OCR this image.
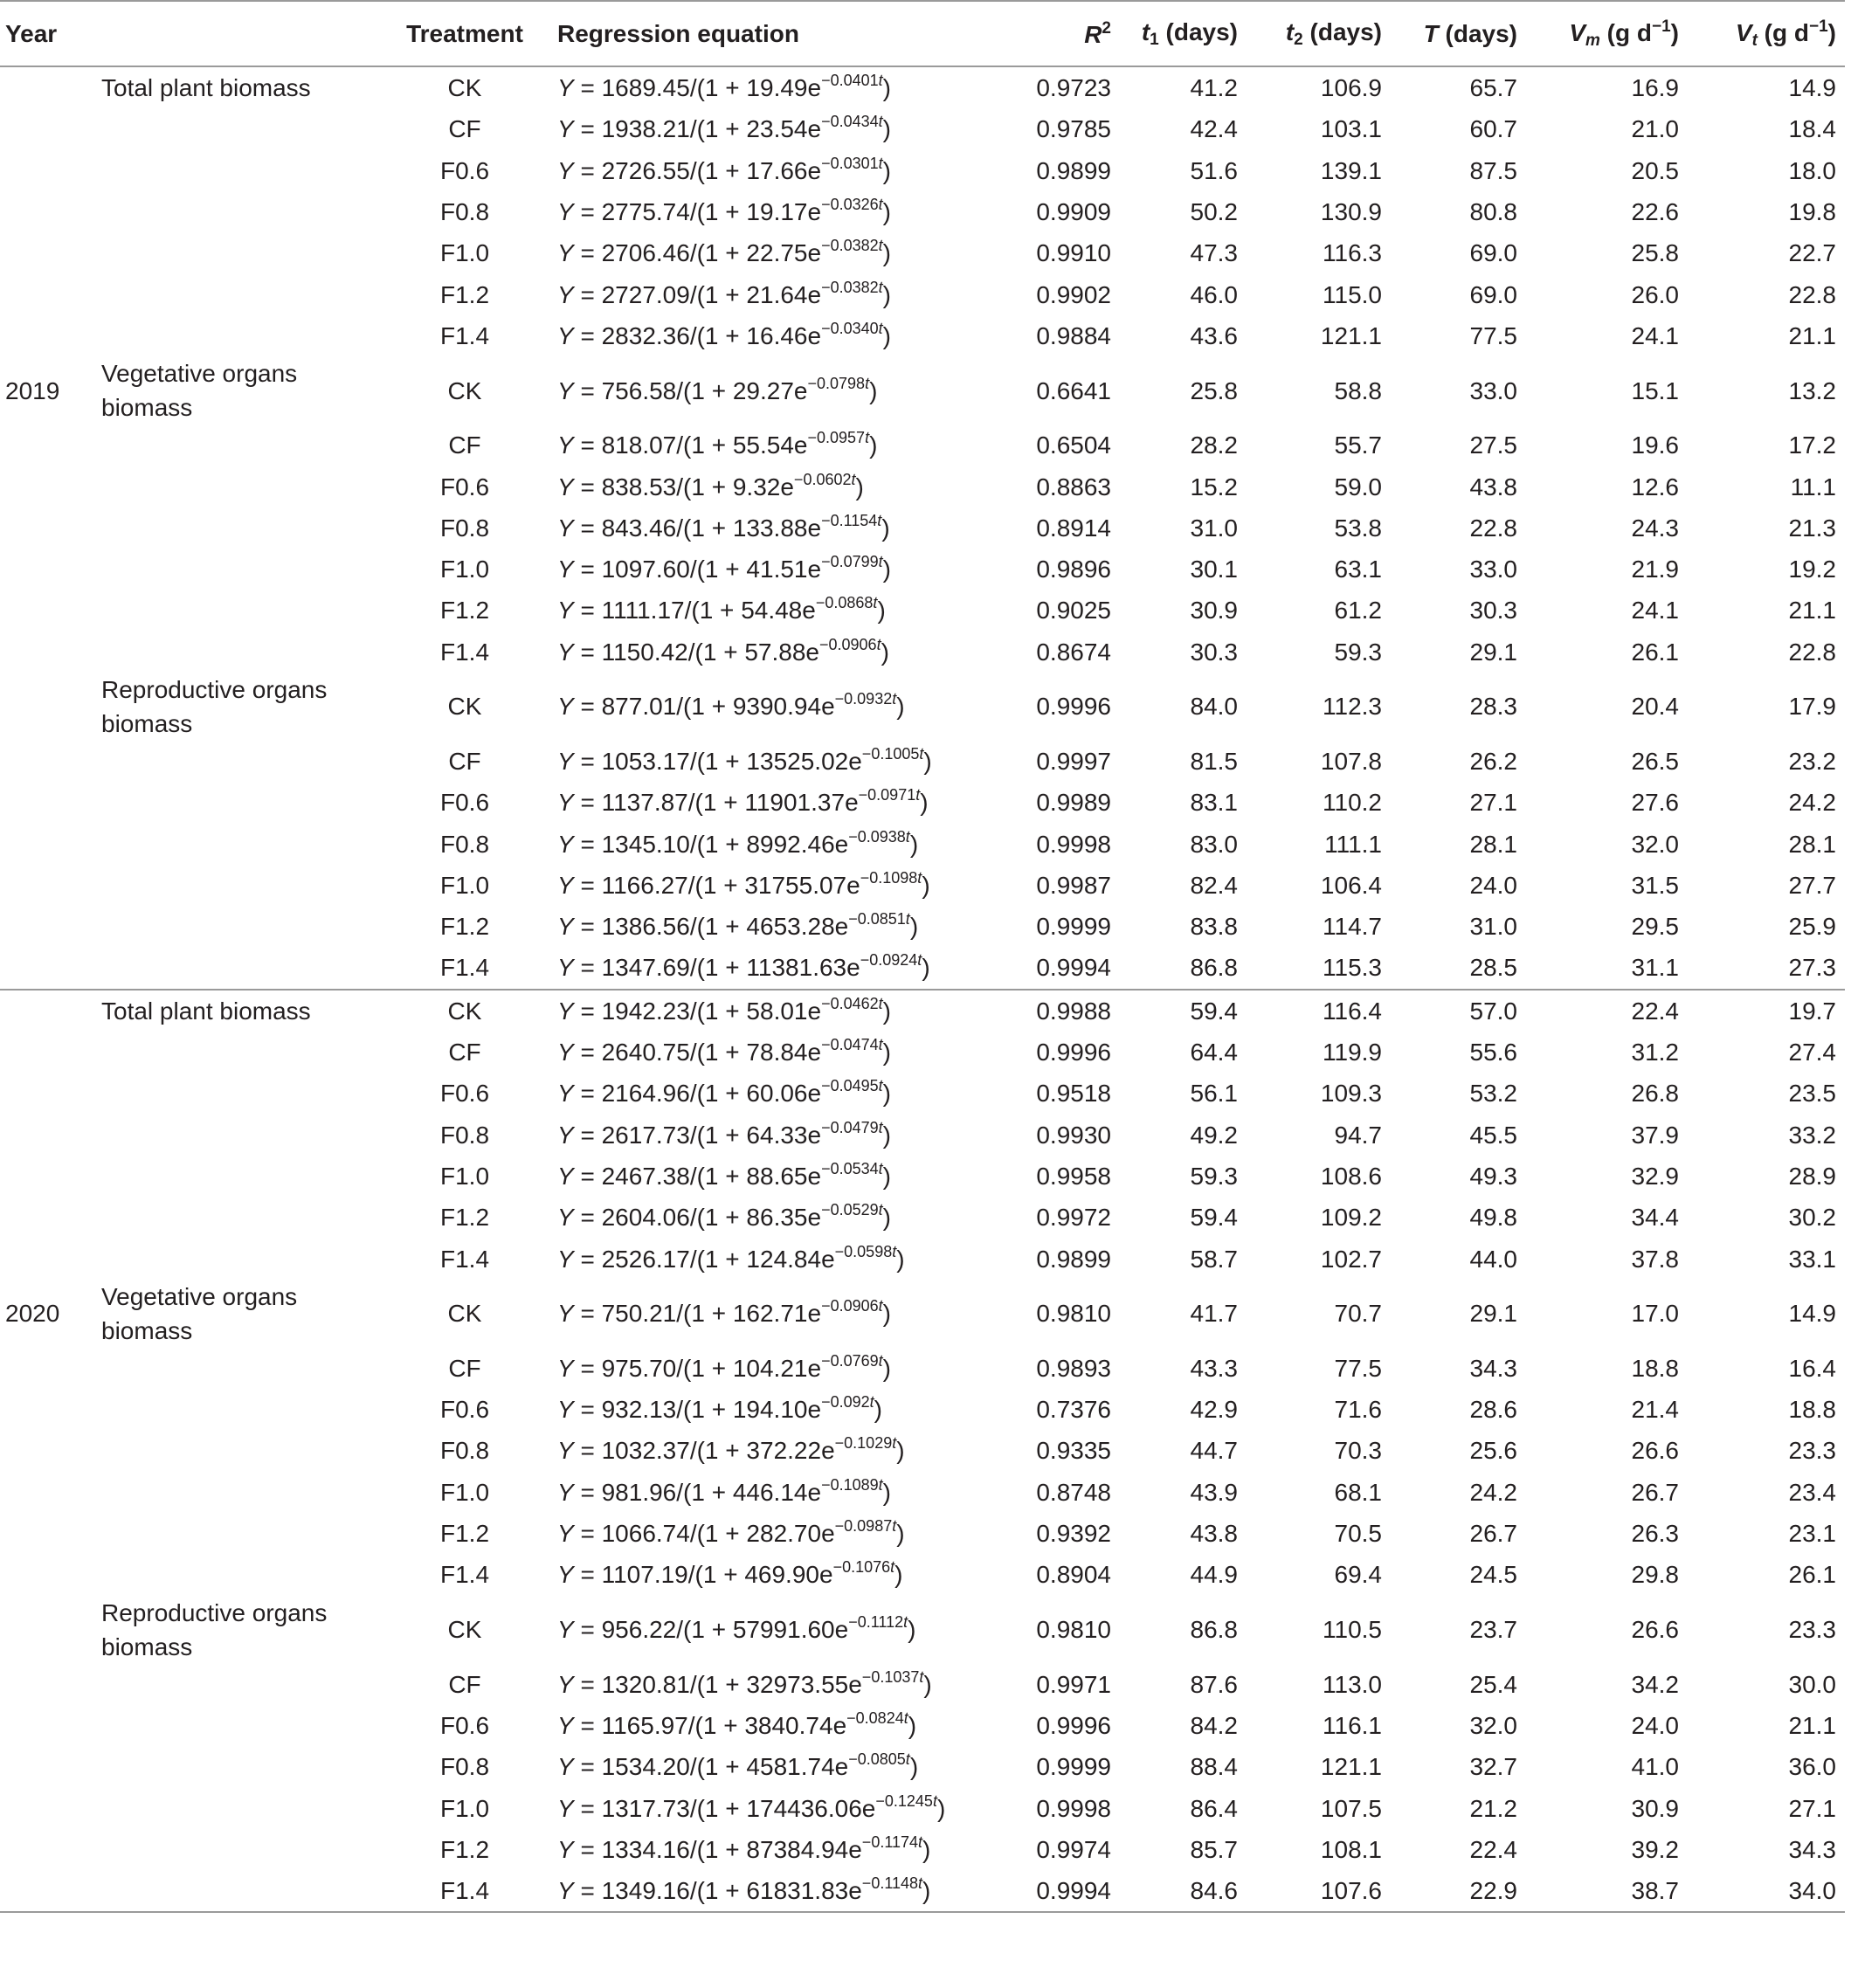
Year		Treatment	Regression equation	$R^2$	$t_1$ (days)	$t_2$ (days)	T (days)	$V_m$ (g $d^{-1}$)	$V_t$ (g $d^{-1}$)
	Total plant biomass	CK	$Y = 1689.45/(1 + 19.49e^{-0.0401t})$	0.9723	41.2	106.9	65.7	16.9	14.9
		CF	$Y = 1938.21/(1 + 23.54e^{-0.0434t})$	0.9785	42.4	103.1	60.7	21.0	18.4
		F0.6	$Y = 2726.55/(1 + 17.66e^{-0.0301t})$	0.9899	51.6	139.1	87.5	20.5	18.0
		F0.8	$Y = 2775.74/(1 + 19.17e^{-0.0326t})$	0.9909	50.2	130.9	80.8	22.6	19.8
		F1.0	$Y = 2706.46/(1 + 22.75e^{-0.0382t})$	0.9910	47.3	116.3	69.0	25.8	22.7
		F1.2	$Y = 2727.09/(1 + 21.64e^{-0.0382t})$	0.9902	46.0	115.0	69.0	26.0	22.8
		F1.4	$Y = 2832.36/(1 + 16.46e^{-0.0340t})$	0.9884	43.6	121.1	77.5	24.1	21.1
2019	Vegetative organs biomass	CK	$Y = 756.58/(1 + 29.27e^{-0.0798t})$	0.6641	25.8	58.8	33.0	15.1	13.2
		CF	$Y = 818.07/(1 + 55.54e^{-0.0957t})$	0.6504	28.2	55.7	27.5	19.6	17.2
		F0.6	$Y = 838.53/(1 + 9.32e^{-0.0602t})$	0.8863	15.2	59.0	43.8	12.6	11.1
		F0.8	$Y = 843.46/(1 + 133.88e^{-0.1154t})$	0.8914	31.0	53.8	22.8	24.3	21.3
		F1.0	$Y = 1097.60/(1 + 41.51e^{-0.0799t})$	0.9896	30.1	63.1	33.0	21.9	19.2
		F1.2	$Y = 1111.17/(1 + 54.48e^{-0.0868t})$	0.9025	30.9	61.2	30.3	24.1	21.1
		F1.4	$Y = 1150.42/(1 + 57.88e^{-0.0906t})$	0.8674	30.3	59.3	29.1	26.1	22.8
	Reproductive organs biomass	CK	$Y = 877.01/(1 + 9390.94e^{-0.0932t})$	0.9996	84.0	112.3	28.3	20.4	17.9
		CF	$Y = 1053.17/(1 + 13525.02e^{-0.1005t})$	0.9997	81.5	107.8	26.2	26.5	23.2
		F0.6	$Y = 1137.87/(1 + 11901.37e^{-0.0971t})$	0.9989	83.1	110.2	27.1	27.6	24.2
		F0.8	$Y = 1345.10/(1 + 8992.46e^{-0.0938t})$	0.9998	83.0	111.1	28.1	32.0	28.1
		F1.0	$Y = 1166.27/(1 + 31755.07e^{-0.1098t})$	0.9987	82.4	106.4	24.0	31.5	27.7
		F1.2	$Y = 1386.56/(1 + 4653.28e^{-0.0851t})$	0.9999	83.8	114.7	31.0	29.5	25.9
		F1.4	$Y = 1347.69/(1 + 11381.63e^{-0.0924t})$	0.9994	86.8	115.3	28.5	31.1	27.3
	Total plant biomass	CK	$Y = 1942.23/(1 + 58.01e^{-0.0462t})$	0.9988	59.4	116.4	57.0	22.4	19.7
		CF	$Y = 2640.75/(1 + 78.84e^{-0.0474t})$	0.9996	64.4	119.9	55.6	31.2	27.4
		F0.6	$Y = 2164.96/(1 + 60.06e^{-0.0495t})$	0.9518	56.1	109.3	53.2	26.8	23.5
		F0.8	$Y = 2617.73/(1 + 64.33e^{-0.0479t})$	0.9930	49.2	94.7	45.5	37.9	33.2
		F1.0	$Y = 2467.38/(1 + 88.65e^{-0.0534t})$	0.9958	59.3	108.6	49.3	32.9	28.9
		F1.2	$Y = 2604.06/(1 + 86.35e^{-0.0529t})$	0.9972	59.4	109.2	49.8	34.4	30.2
		F1.4	$Y = 2526.17/(1 + 124.84e^{-0.0598t})$	0.9899	58.7	102.7	44.0	37.8	33.1
2020	Vegetative organs biomass	CK	$Y = 750.21/(1 + 162.71e^{-0.0906t})$	0.9810	41.7	70.7	29.1	17.0	14.9
		CF	$Y = 975.70/(1 + 104.21e^{-0.0769t})$	0.9893	43.3	77.5	34.3	18.8	16.4
		F0.6	$Y = 932.13/(1 + 194.10e^{-0.092t})$	0.7376	42.9	71.6	28.6	21.4	18.8
		F0.8	$Y = 1032.37/(1 + 372.22e^{-0.1029t})$	0.9335	44.7	70.3	25.6	26.6	23.3
		F1.0	$Y = 981.96/(1 + 446.14e^{-0.1089t})$	0.8748	43.9	68.1	24.2	26.7	23.4
		F1.2	$Y = 1066.74/(1 + 282.70e^{-0.0987t})$	0.9392	43.8	70.5	26.7	26.3	23.1
		F1.4	$Y = 1107.19/(1 + 469.90e^{-0.1076t})$	0.8904	44.9	69.4	24.5	29.8	26.1
	Reproductive organs biomass	CK	$Y = 956.22/(1 + 57991.60e^{-0.1112t})$	0.9810	86.8	110.5	23.7	26.6	23.3
		CF	$Y = 1320.81/(1 + 32973.55e^{-0.1037t})$	0.9971	87.6	113.0	25.4	34.2	30.0
		F0.6	$Y = 1165.97/(1 + 3840.74e^{-0.0824t})$	0.9996	84.2	116.1	32.0	24.0	21.1
		F0.8	$Y = 1534.20/(1 + 4581.74e^{-0.0805t})$	0.9999	88.4	121.1	32.7	41.0	36.0
		F1.0	$Y = 1317.73/(1 + 174436.06e^{-0.1245t})$	0.9998	86.4	107.5	21.2	30.9	27.1
		F1.2	$Y = 1334.16/(1 + 87384.94e^{-0.1174t})$	0.9974	85.7	108.1	22.4	39.2	34.3
		F1.4	$Y = 1349.16/(1 + 61831.83e^{-0.1148t})$	0.9994	84.6	107.6	22.9	38.7	34.0
